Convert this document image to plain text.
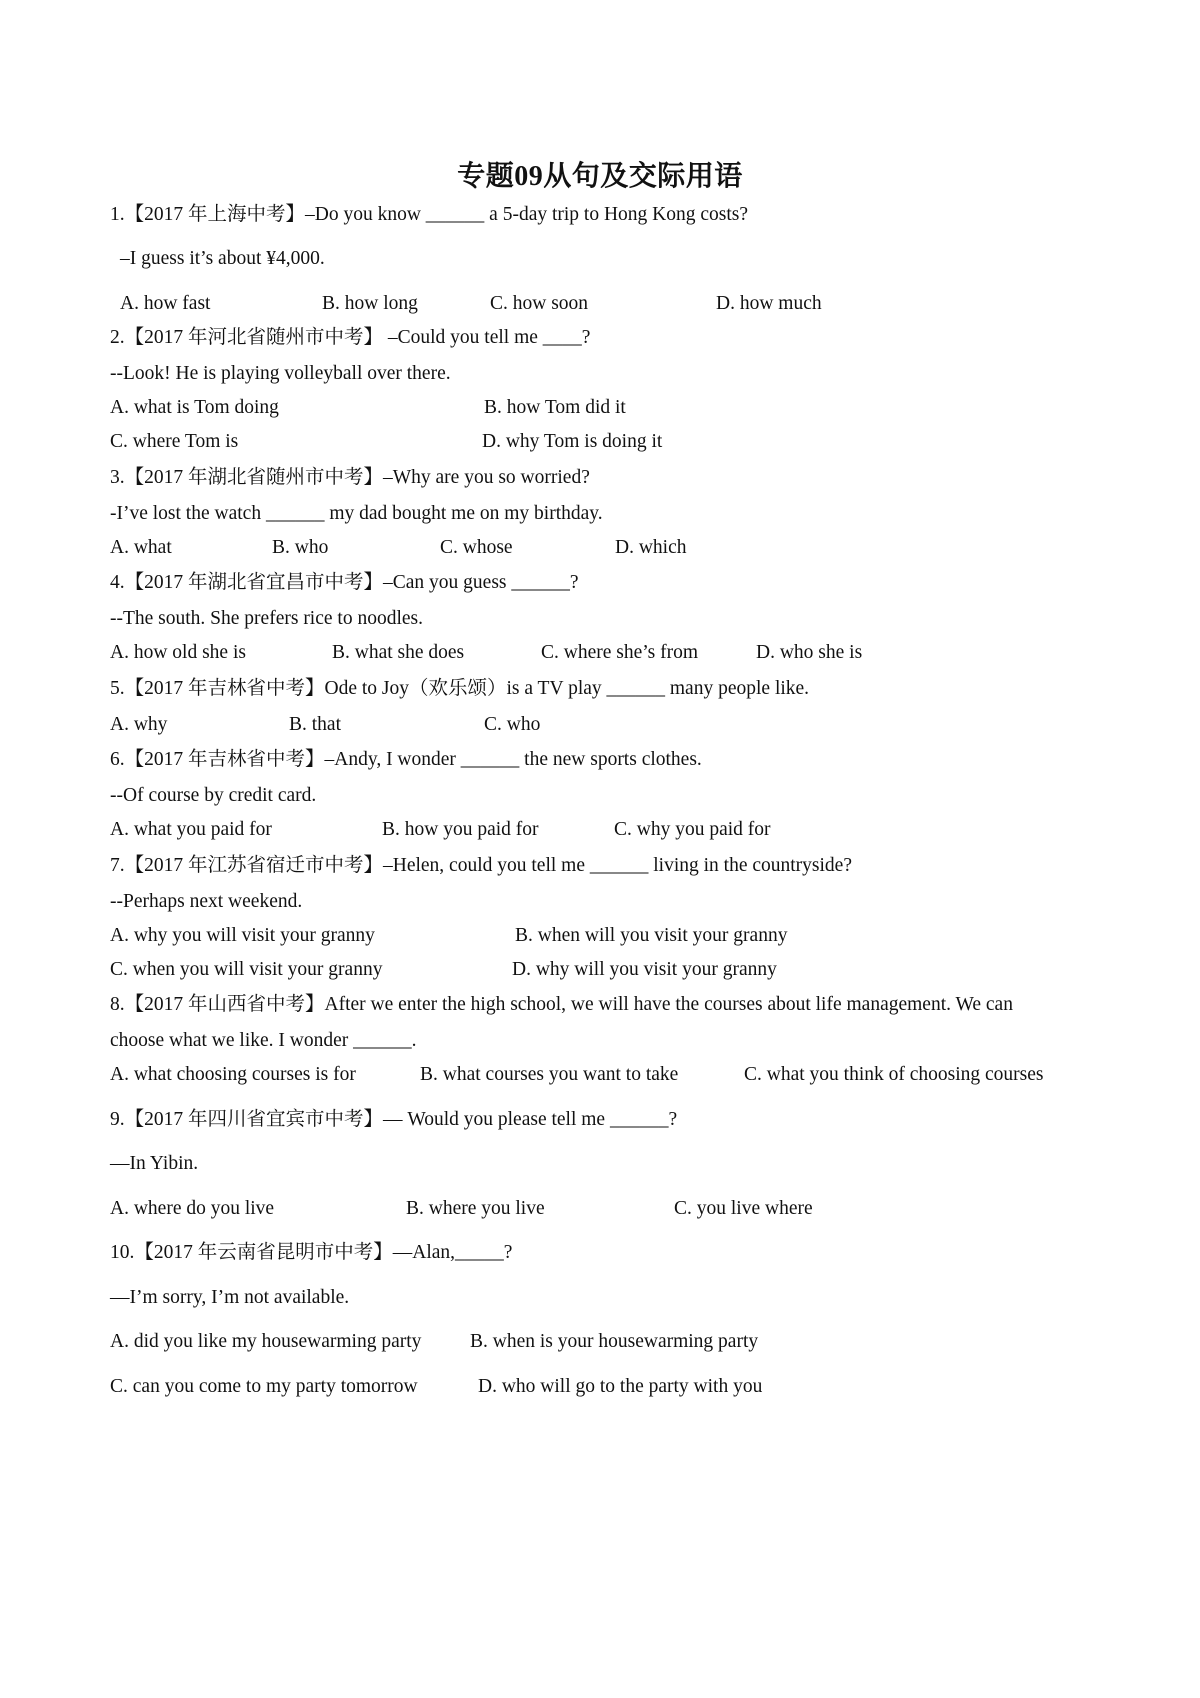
专题09从句及交际用语
1.【2017 年上海中考】–Do you know ______ a 5-day trip to Hong Kong costs?
–I guess it’s about ¥4,000.
A. how fast	B. how long	C. how soon	D. how much
2.【2017 年河北省随州市中考】 –Could you tell me ____?
--Look! He is playing volleyball over there.
A. what is Tom doing	B. how Tom did it
C. where Tom is	D. why Tom is doing it
3.【2017 年湖北省随州市中考】–Why are you so worried?
-I’ve lost the watch ______ my dad bought me on my birthday.
A. what	B. who	C. whose	D. which
4.【2017 年湖北省宜昌市中考】–Can you guess ______?
--The south. She prefers rice to noodles.
A. how old she is	B. what she does	C. where she’s from	D. who she is
5.【2017 年吉林省中考】Ode to Joy（欢乐颂）is a TV play ______ many people like.
A. why	B. that	C. who
6.【2017 年吉林省中考】–Andy, I wonder ______ the new sports clothes.
--Of course by credit card.
A. what you paid for	B. how you paid for	C. why you paid for
7.【2017 年江苏省宿迁市中考】–Helen, could you tell me ______ living in the countryside?
--Perhaps next weekend.
A. why you will visit your granny	B. when will you visit your granny
C. when you will visit your granny	D. why will you visit your granny
8.【2017 年山西省中考】After we enter the high school, we will have the courses about life management. We can
choose what we like. I wonder ______.
A. what choosing courses is for	B. what courses you want to take	C. what you think of choosing courses
9.【2017 年四川省宜宾市中考】— Would you please tell me ______?
—In Yibin.
A. where do you live	B. where you live	C. you live where
10.【2017 年云南省昆明市中考】—Alan,_____?
—I’m sorry, I’m not available.
A. did you like my housewarming party B. when is your housewarming party
C. can you come to my party tomorrow	D. who will go to the party with you
